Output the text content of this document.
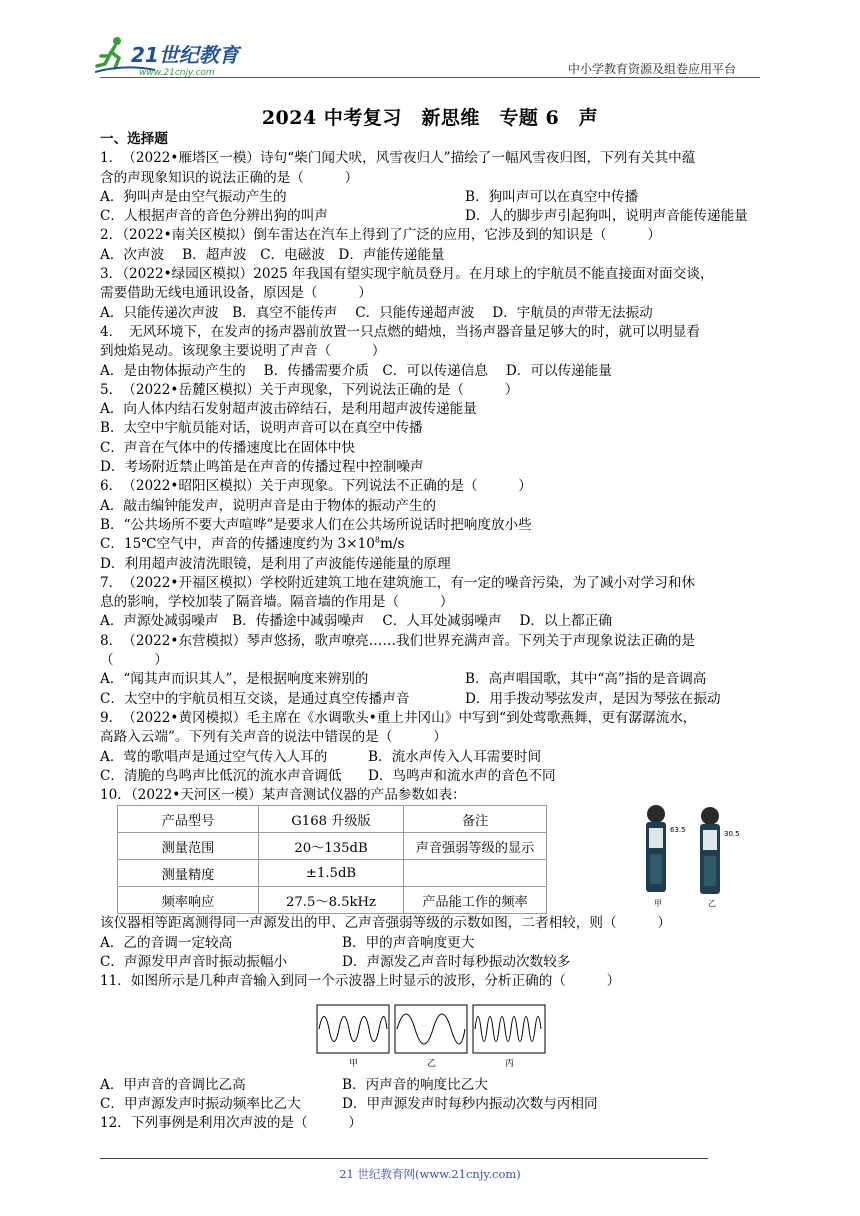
21世纪教育
www.21cnjy.com	中小学教育资源及组卷应用平台
2024 中考复习　新思维　专题 6　声
一、选择题
1．　（2022•雁塔区一模）诗句“柴门闻犬吠，风雪夜归人”描绘了一幅风雪夜归图，下列有关其中蕴
含的声现象知识的说法正确的是（　　　）
A．狗叫声是由空气振动产生的	B．狗叫声可以在真空中传播
C．人根据声音的音色分辨出狗的叫声	D．人的脚步声引起狗叫，说明声音能传递能量
2．（2022•南关区模拟）倒车雷达在汽车上得到了广泛的应用，它涉及到的知识是（　　　）
A．次声波　 B．超声波　C．电磁波　D．声能传递能量
3．（2022•绿园区模拟）2025 年我国有望实现宇航员登月。在月球上的宇航员不能直接面对面交谈，
需要借助无线电通讯设备，原因是（　　　）
A．只能传递次声波　B．真空不能传声　 C．只能传递超声波　 D．宇航员的声带无法振动
4．　无风环境下，在发声的扬声器前放置一只点燃的蜡烛，当扬声器音量足够大的时，就可以明显看
到烛焰晃动。该现象主要说明了声音（　　　）
A．是由物体振动产生的　 B．传播需要介质　C．可以传递信息　 D．可以传递能量
5．　（2022•岳麓区模拟）关于声现象，下列说法正确的是（　　　）
A．向人体内结石发射超声波击碎结石，是利用超声波传递能量
B．太空中宇航员能对话，说明声音可以在真空中传播
C．声音在气体中的传播速度比在固体中快
D．考场附近禁止鸣笛是在声音的传播过程中控制噪声
6．　（2022•昭阳区模拟）关于声现象。下列说法不正确的是（　　　）
A．敲击编钟能发声，说明声音是由于物体的振动产生的
B．“公共场所不要大声喧哗”是要求人们在公共场所说话时把响度放小些
C．15℃空气中，声音的传播速度约为 $3\times 10^8m/s$
D．利用超声波清洗眼镜，是利用了声波能传递能量的原理
7．　（2022•开福区模拟）学校附近建筑工地在建筑施工，有一定的噪音污染，为了减小对学习和休
息的影响，学校加装了隔音墙。隔音墙的作用是（　　　）
A．声源处减弱噪声　B．传播途中减弱噪声　 C．人耳处减弱噪声　 D．以上都正确
8．　（2022•东营模拟）琴声悠扬，歌声嘹亮……我们世界充满声音。下列关于声现象说法正确的是
（　　　）
A．“闻其声而识其人”，是根据响度来辨别的	B．高声唱国歌，其中“高”指的是音调高
C．太空中的宇航员相互交谈，是通过真空传播声音	D．用手拨动琴弦发声，是因为琴弦在振动
9．　（2022•黄冈模拟）毛主席在《水调歌头•重上井冈山》中写到“到处莺歌燕舞，更有潺潺流水，
高路入云端”。下列有关声音的说法中错误的是（　　　）
A．莺的歌唱声是通过空气传入人耳的	B．流水声传入人耳需要时间
C．清脆的鸟鸣声比低沉的流水声音调低	D．鸟鸣声和流水声的音色不同
10．（2022•天河区一模）某声音测试仪器的产品参数如表：
产品型号	G168 升级版	备注
测量范围	20～135dB	声音强弱等级的显示
测量精度	±1.5dB	
频率响应	27.5～8.5kHz	产品能工作的频率
该仪器相等距离测得同一声源发出的甲、乙声音强弱等级的示数如图，二者相较，则（　　　）
A．乙的音调一定较高	B．甲的声音响度更大
C．声源发甲声音时振动振幅小	D．声源发乙声音时每秒振动次数较多
11．如图所示是几种声音输入到同一个示波器上时显示的波形，分析正确的（　　　）
A．甲声音的音调比乙高	B．丙声音的响度比乙大
C．甲声源发声时振动频率比乙大	D．甲声源发声时每秒内振动次数与丙相同
12．下列事例是利用次声波的是（　　　）
63.5
甲
30.5
乙
甲	乙	丙
21 世纪教育网(www.21cnjy.com)
